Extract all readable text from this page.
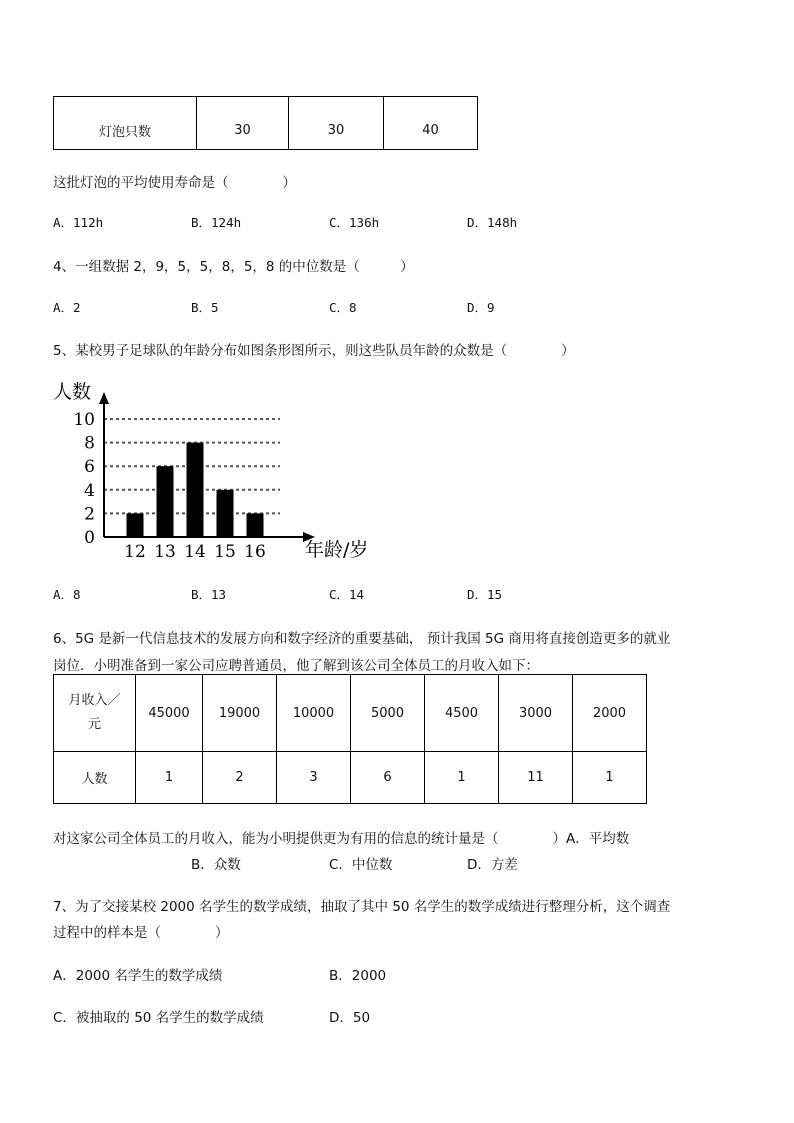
灯泡只数	30	30	40
这批灯泡的平均使用寿命是（　　　　）
A．112h	B．124h	C．136h	D．148h
4、一组数据 2，9，5，5，8，5，8 的中位数是（　　　）
A．2	B．5	C．8	D．9
5、某校男子足球队的年龄分布如图条形图所示，则这些队员年龄的众数是（　　　　）
人数
年龄/岁
0
2
4
6
8
10
12 13 14 15 16
A．8	B．13	C．14	D．15
6、5G 是新一代信息技术的发展方向和数字经济的重要基础， 预计我国 5G 商用将直接创造更多的就业
岗位．小明准备到一家公司应聘普通员，他了解到该公司全体员工的月收入如下：
月收入／
元	45000	19000	10000	5000	4500	3000	2000
人数	1	2	3	6	1	11	1
对这家公司全体员工的月收入，能为小明提供更为有用的信息的统计量是（　　　　）A．平均数
B．众数	C．中位数	D．方差
7、为了交接某校 2000 名学生的数学成绩，抽取了其中 50 名学生的数学成绩进行整理分析，这个调查
过程中的样本是（　　　　）
A．2000 名学生的数学成绩	B．2000
C．被抽取的 50 名学生的数学成绩	D．50
